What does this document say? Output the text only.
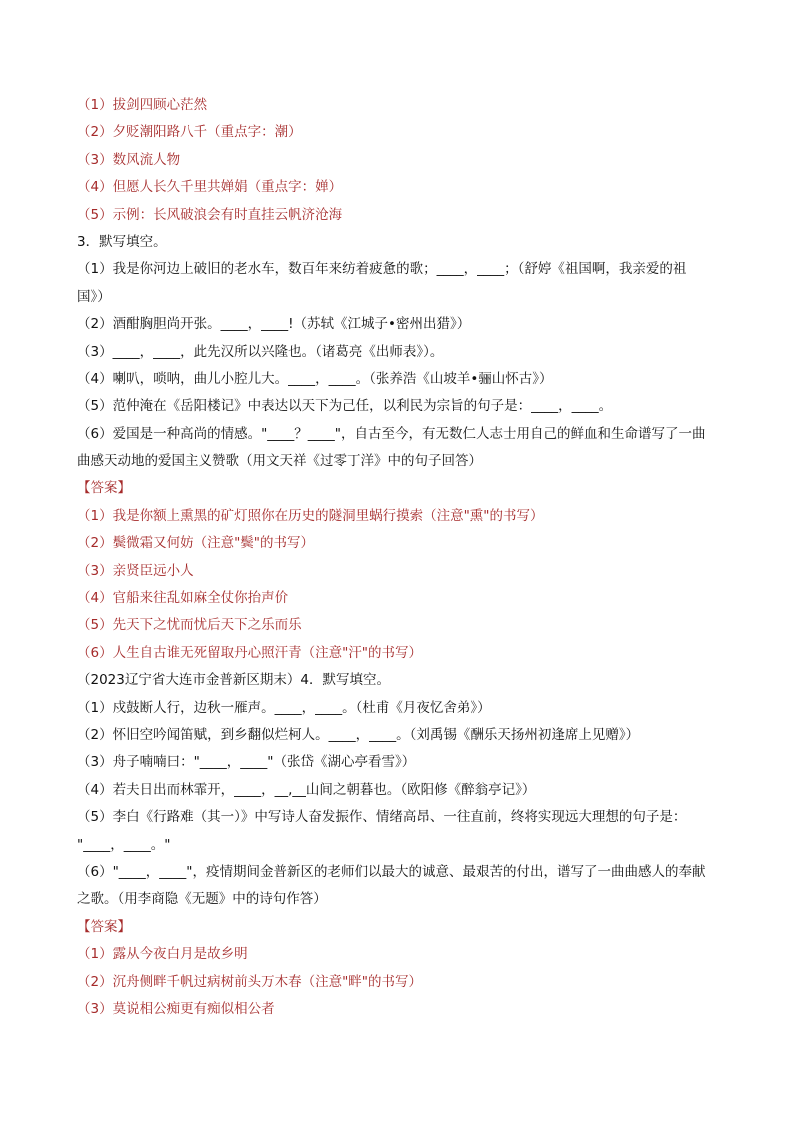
（1）拔剑四顾心茫然
（2）夕贬潮阳路八千（重点字：潮）
（3）数风流人物
（4）但愿人长久千里共婵娟（重点字：婵）
（5）示例：长风破浪会有时直挂云帆济沧海
3．默写填空。
（1）我是你河边上破旧的老水车，数百年来纺着疲惫的歌；____，____；（舒婷《祖国啊，我亲爱的祖
国》）
（2）酒酣胸胆尚开张。____，____!（苏轼《江城子•密州出猎》）
（3）____，____，此先汉所以兴隆也。（诸葛亮《出师表》）。
（4）喇叭，唢呐，曲儿小腔儿大。____，____。（张养浩《山坡羊•骊山怀古》）
（5）范仲淹在《岳阳楼记》中表达以天下为己任，以利民为宗旨的句子是：____，____。
（6）爱国是一种高尚的情感。"____？____"，自古至今，有无数仁人志士用自己的鲜血和生命谱写了一曲
曲感天动地的爱国主义赞歌（用文天祥《过零丁洋》中的句子回答）
【答案】
（1）我是你额上熏黑的矿灯照你在历史的隧洞里蜗行摸索（注意"熏"的书写）
（2）鬓微霜又何妨（注意"鬓"的书写）
（3）亲贤臣远小人
（4）官船来往乱如麻全仗你抬声价
（5）先天下之忧而忧后天下之乐而乐
（6）人生自古谁无死留取丹心照汗青（注意"汗"的书写）
（2023辽宁省大连市金普新区期末）4．默写填空。
（1）戍鼓断人行，边秋一雁声。____，____。（杜甫《月夜忆舍弟》）
（2）怀旧空吟闻笛赋，到乡翻似烂柯人。____，____。（刘禹锡《酬乐天扬州初逢席上见赠》）
（3）舟子喃喃曰："____，____"（张岱《湖心亭看雪》）
（4）若夫日出而林霏开，____，__,__山间之朝暮也。（欧阳修《醉翁亭记》）
（5）李白《行路难（其一）》中写诗人奋发振作、情绪高昂、一往直前，终将实现远大理想的句子是：
"____，____。"
（6）"____，____"，疫情期间金普新区的老师们以最大的诚意、最艰苦的付出，谱写了一曲曲感人的奉献
之歌。（用李商隐《无题》中的诗句作答）
【答案】
（1）露从今夜白月是故乡明
（2）沉舟侧畔千帆过病树前头万木春（注意"畔"的书写）
（3）莫说相公痴更有痴似相公者
